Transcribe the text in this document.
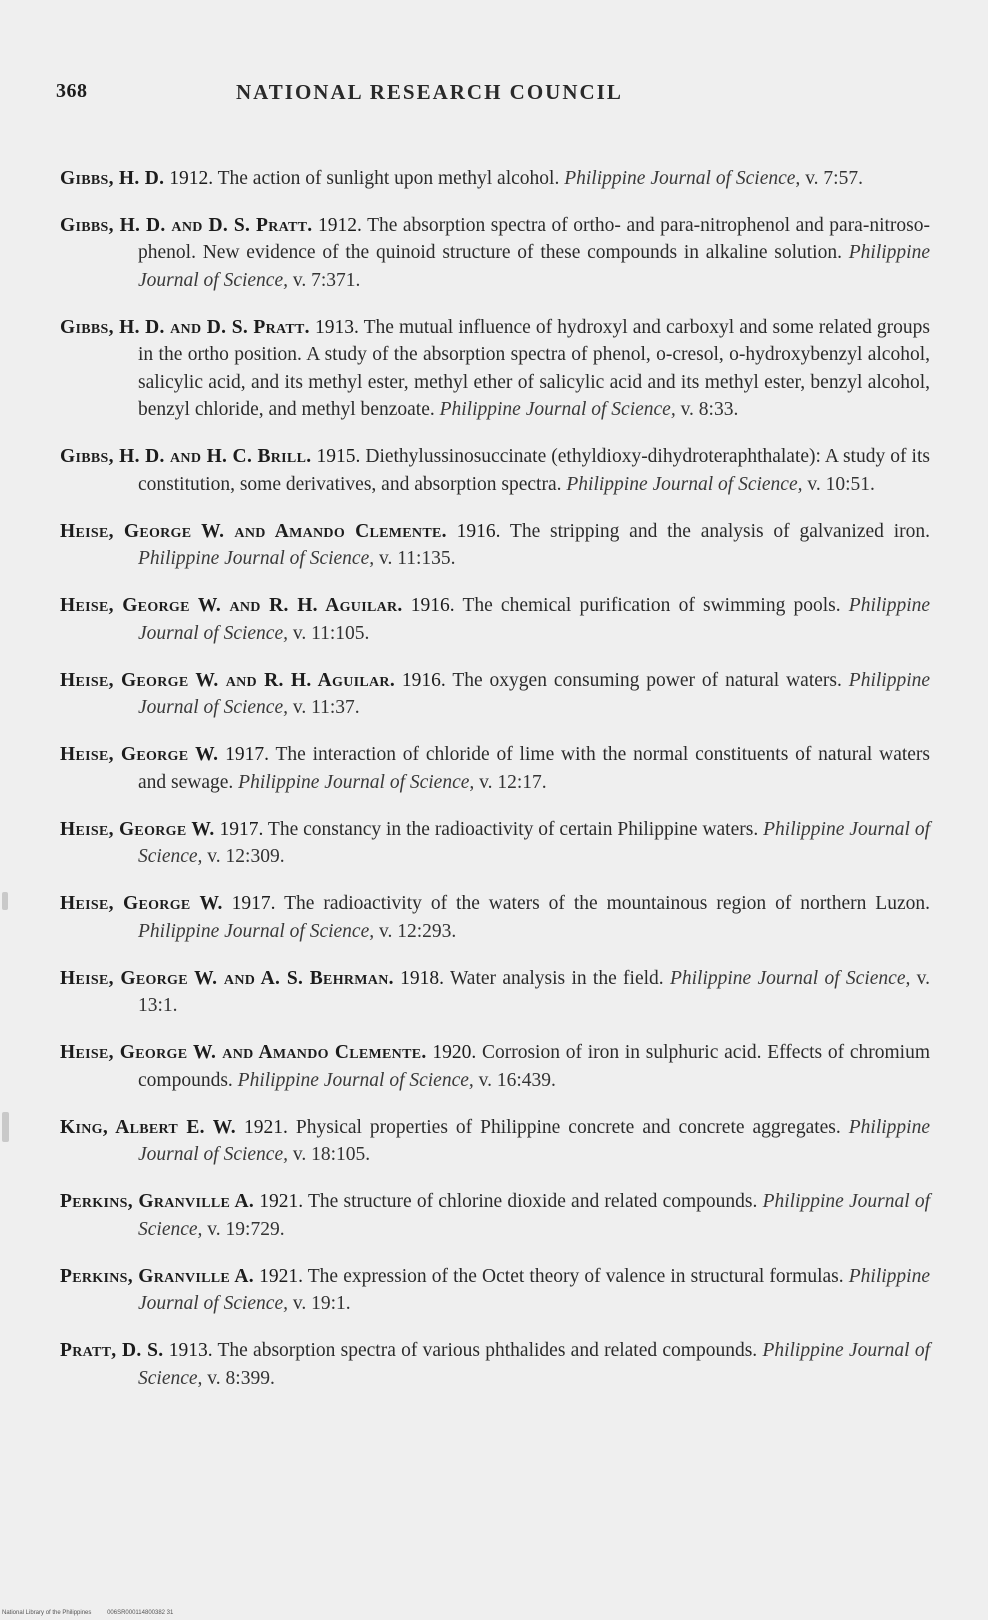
368	NATIONAL RESEARCH COUNCIL

Gibbs, H. D. 1912. The action of sunlight upon methyl alcohol. Philippine Journal of Science, v. 7:57.

Gibbs, H. D. and D. S. Pratt. 1912. The absorption spectra of ortho- and para-nitrophenol and para-nitroso-phenol. New evidence of the quinoid structure of these compounds in alkaline solution. Philippine Journal of Science, v. 7:371.

Gibbs, H. D. and D. S. Pratt. 1913. The mutual influence of hydroxyl and carboxyl and some related groups in the ortho position. A study of the absorption spectra of phenol, o-cresol, o-hydroxybenzyl alcohol, salicylic acid, and its methyl ester, methyl ether of salicylic acid and its methyl ester, benzyl alcohol, benzyl chloride, and methyl benzoate. Philippine Journal of Science, v. 8:33.

Gibbs, H. D. and H. C. Brill. 1915. Diethylussinosuccinate (ethyldioxy-dihydroteraphthalate): A study of its constitution, some derivatives, and absorption spectra. Philippine Journal of Science, v. 10:51.

Heise, George W. and Amando Clemente. 1916. The stripping and the analysis of galvanized iron. Philippine Journal of Science, v. 11:135.

Heise, George W. and R. H. Aguilar. 1916. The chemical purification of swimming pools. Philippine Journal of Science, v. 11:105.

Heise, George W. and R. H. Aguilar. 1916. The oxygen consuming power of natural waters. Philippine Journal of Science, v. 11:37.

Heise, George W. 1917. The interaction of chloride of lime with the normal constituents of natural waters and sewage. Philippine Journal of Science, v. 12:17.

Heise, George W. 1917. The constancy in the radioactivity of certain Philippine waters. Philippine Journal of Science, v. 12:309.

Heise, George W. 1917. The radioactivity of the waters of the mountainous region of northern Luzon. Philippine Journal of Science, v. 12:293.

Heise, George W. and A. S. Behrman. 1918. Water analysis in the field. Philippine Journal of Science, v. 13:1.

Heise, George W. and Amando Clemente. 1920. Corrosion of iron in sulphuric acid. Effects of chromium compounds. Philippine Journal of Science, v. 16:439.

King, Albert E. W. 1921. Physical properties of Philippine concrete and concrete aggregates. Philippine Journal of Science, v. 18:105.

Perkins, Granville A. 1921. The structure of chlorine dioxide and related compounds. Philippine Journal of Science, v. 19:729.

Perkins, Granville A. 1921. The expression of the Octet theory of valence in structural formulas. Philippine Journal of Science, v. 19:1.

Pratt, D. S. 1913. The absorption spectra of various phthalides and related compounds. Philippine Journal of Science, v. 8:399.

National Library of the Philippines	006SR000114800382 31
